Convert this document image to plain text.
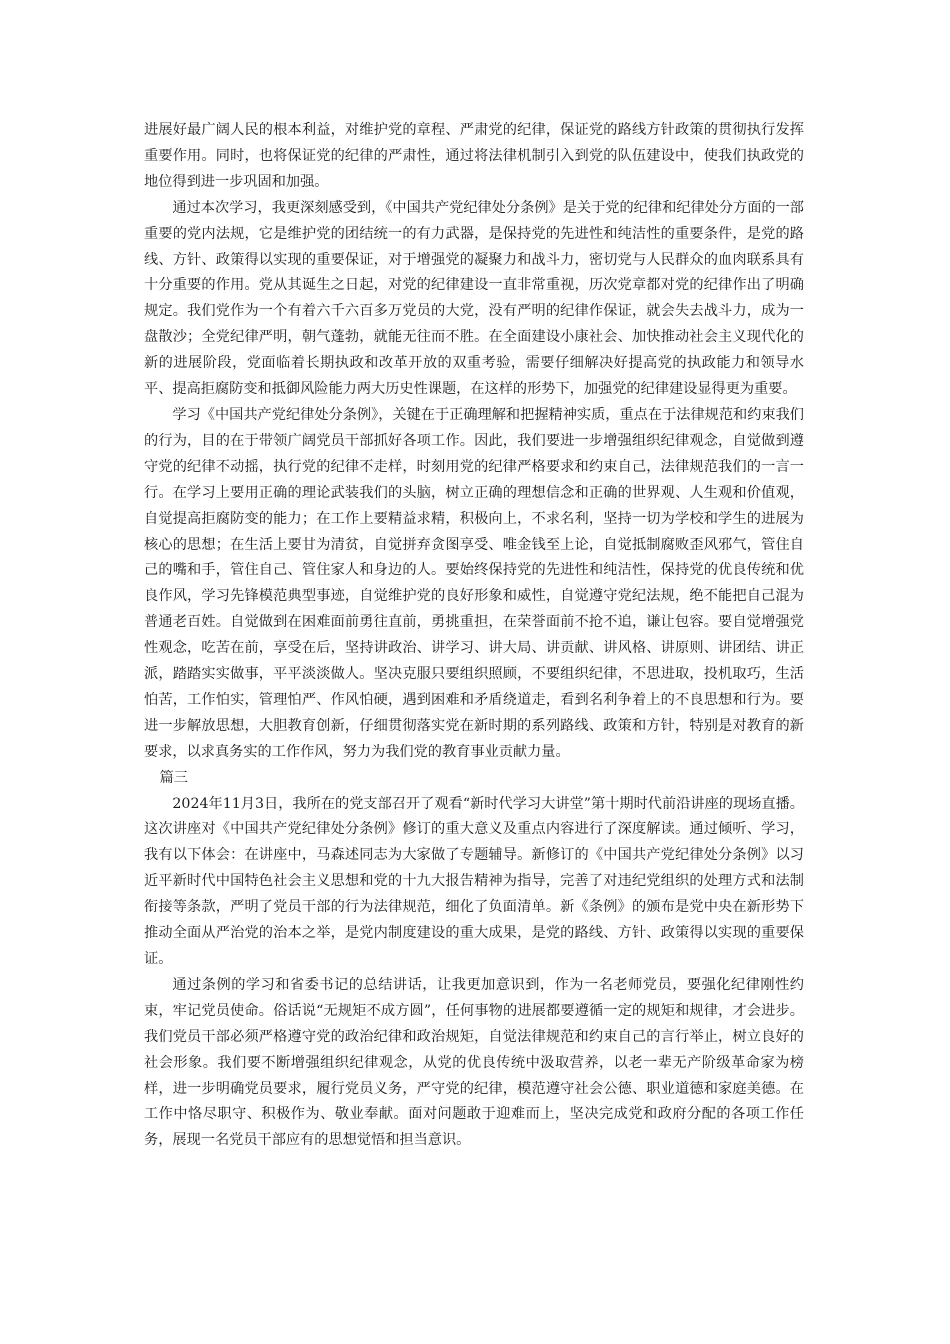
进展好最广阔人民的根本利益，对维护党的章程、严肃党的纪律，保证党的路线方针政策的贯彻执行发挥重要作用。同时，也将保证党的纪律的严肃性，通过将法律机制引入到党的队伍建设中，使我们执政党的地位得到进一步巩固和加强。

通过本次学习，我更深刻感受到，《中国共产党纪律处分条例》是关于党的纪律和纪律处分方面的一部重要的党内法规，它是维护党的团结统一的有力武器，是保持党的先进性和纯洁性的重要条件，是党的路线、方针、政策得以实现的重要保证，对于增强党的凝聚力和战斗力，密切党与人民群众的血肉联系具有十分重要的作用。党从其诞生之日起，对党的纪律建设一直非常重视，历次党章都对党的纪律作出了明确规定。我们党作为一个有着六千六百多万党员的大党，没有严明的纪律作保证，就会失去战斗力，成为一盘散沙；全党纪律严明，朝气蓬勃，就能无往而不胜。在全面建设小康社会、加快推动社会主义现代化的新的进展阶段，党面临着长期执政和改革开放的双重考验，需要仔细解决好提高党的执政能力和领导水平、提高拒腐防变和抵御风险能力两大历史性课题，在这样的形势下，加强党的纪律建设显得更为重要。

学习《中国共产党纪律处分条例》，关键在于正确理解和把握精神实质，重点在于法律规范和约束我们的行为，目的在于带领广阔党员干部抓好各项工作。因此，我们要进一步增强组织纪律观念，自觉做到遵守党的纪律不动摇，执行党的纪律不走样，时刻用党的纪律严格要求和约束自己，法律规范我们的一言一行。在学习上要用正确的理论武装我们的头脑，树立正确的理想信念和正确的世界观、人生观和价值观，自觉提高拒腐防变的能力；在工作上要精益求精，积极向上，不求名利，坚持一切为学校和学生的进展为核心的思想；在生活上要甘为清贫，自觉拼弃贪图享受、唯金钱至上论，自觉抵制腐败歪风邪气，管住自己的嘴和手，管住自己、管住家人和身边的人。要始终保持党的先进性和纯洁性，保持党的优良传统和优良作风，学习先锋模范典型事迹，自觉维护党的良好形象和威性，自觉遵守党纪法规，绝不能把自己混为普通老百姓。自觉做到在困难面前勇往直前，勇挑重担，在荣誉面前不抢不追，谦让包容。要自觉增强党性观念，吃苦在前，享受在后，坚持讲政治、讲学习、讲大局、讲贡献、讲风格、讲原则、讲团结、讲正派，踏踏实实做事，平平淡淡做人。坚决克服只要组织照顾，不要组织纪律，不思进取，投机取巧，生活怕苦，工作怕实，管理怕严、作风怕硬，遇到困难和矛盾绕道走，看到名利争着上的不良思想和行为。要进一步解放思想，大胆教育创新，仔细贯彻落实党在新时期的系列路线、政策和方针，特别是对教育的新要求，以求真务实的工作作风，努力为我们党的教育事业贡献力量。

篇三

2024年11月3日，我所在的党支部召开了观看“新时代学习大讲堂”第十期时代前沿讲座的现场直播。这次讲座对《中国共产党纪律处分条例》修订的重大意义及重点内容进行了深度解读。通过倾听、学习，我有以下体会：在讲座中，马森述同志为大家做了专题辅导。新修订的《中国共产党纪律处分条例》以习近平新时代中国特色社会主义思想和党的十九大报告精神为指导，完善了对违纪党组织的处理方式和法制衔接等条款，严明了党员干部的行为法律规范，细化了负面清单。新《条例》的颁布是党中央在新形势下推动全面从严治党的治本之举，是党内制度建设的重大成果，是党的路线、方针、政策得以实现的重要保证。

通过条例的学习和省委书记的总结讲话，让我更加意识到，作为一名老师党员，要强化纪律刚性约束，牢记党员使命。俗话说“无规矩不成方圆”，任何事物的进展都要遵循一定的规矩和规律，才会进步。我们党员干部必须严格遵守党的政治纪律和政治规矩，自觉法律规范和约束自己的言行举止，树立良好的社会形象。我们要不断增强组织纪律观念，从党的优良传统中汲取营养，以老一辈无产阶级革命家为榜样，进一步明确党员要求，履行党员义务，严守党的纪律，模范遵守社会公德、职业道德和家庭美德。在工作中恪尽职守、积极作为、敬业奉献。面对问题敢于迎难而上，坚决完成党和政府分配的各项工作任务，展现一名党员干部应有的思想觉悟和担当意识。
